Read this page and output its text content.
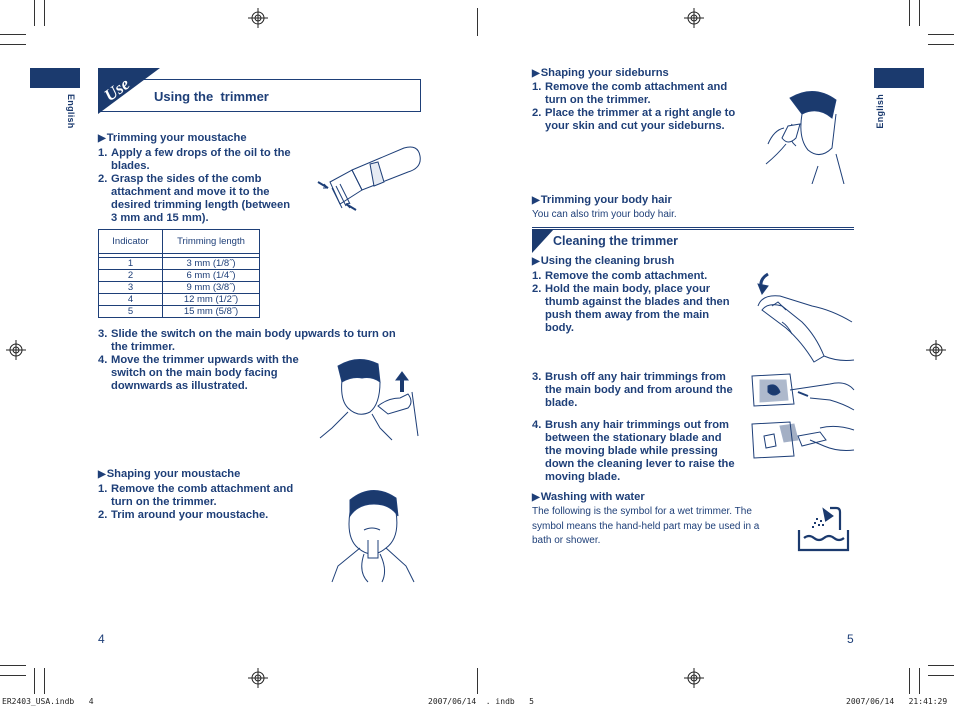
English
Use Using the  trimmer
▶Trimming your moustache
1. Apply a few drops of the oil to the
blades.
2. Grasp the sides of the comb
attachment and move it to the
desired trimming length (between
3 mm and 15 mm).
Indicator	Trimming length

1	3 mm (1/8˝)
2	6 mm (1/4˝)
3	9 mm (3/8˝)
4	12 mm (1/2˝)
5	15 mm (5/8˝)
3. Slide the switch on the main body upwards to turn on
the trimmer.
4. Move the trimmer upwards with the
switch on the main body facing
downwards as illustrated.
▶Shaping your moustache
1. Remove the comb attachment and
turn on the trimmer.
2. Trim around your moustache.
4
English
▶Shaping your sideburns
1. Remove the comb attachment and
turn on the trimmer.
2. Place the trimmer at a right angle to
your skin and cut your sideburns.
▶Trimming your body hair
You can also trim your body hair.
Cleaning the trimmer
▶Using the cleaning brush
1. Remove the comb attachment.
2. Hold the main body, place your
thumb against the blades and then
push them away from the main
body.
3. Brush off any hair trimmings from
the main body and from around the
blade.
4. Brush any hair trimmings out from
between the stationary blade and
the moving blade while pressing
down the cleaning lever to raise the
moving blade.
▶Washing with water
The following is the symbol for a wet trimmer. The
symbol means the hand-held part may be used in a
bath or shower.
5
ER2403_USA.indb   4	2007/06/14  . indb   5	2007/06/14   21:41:29
